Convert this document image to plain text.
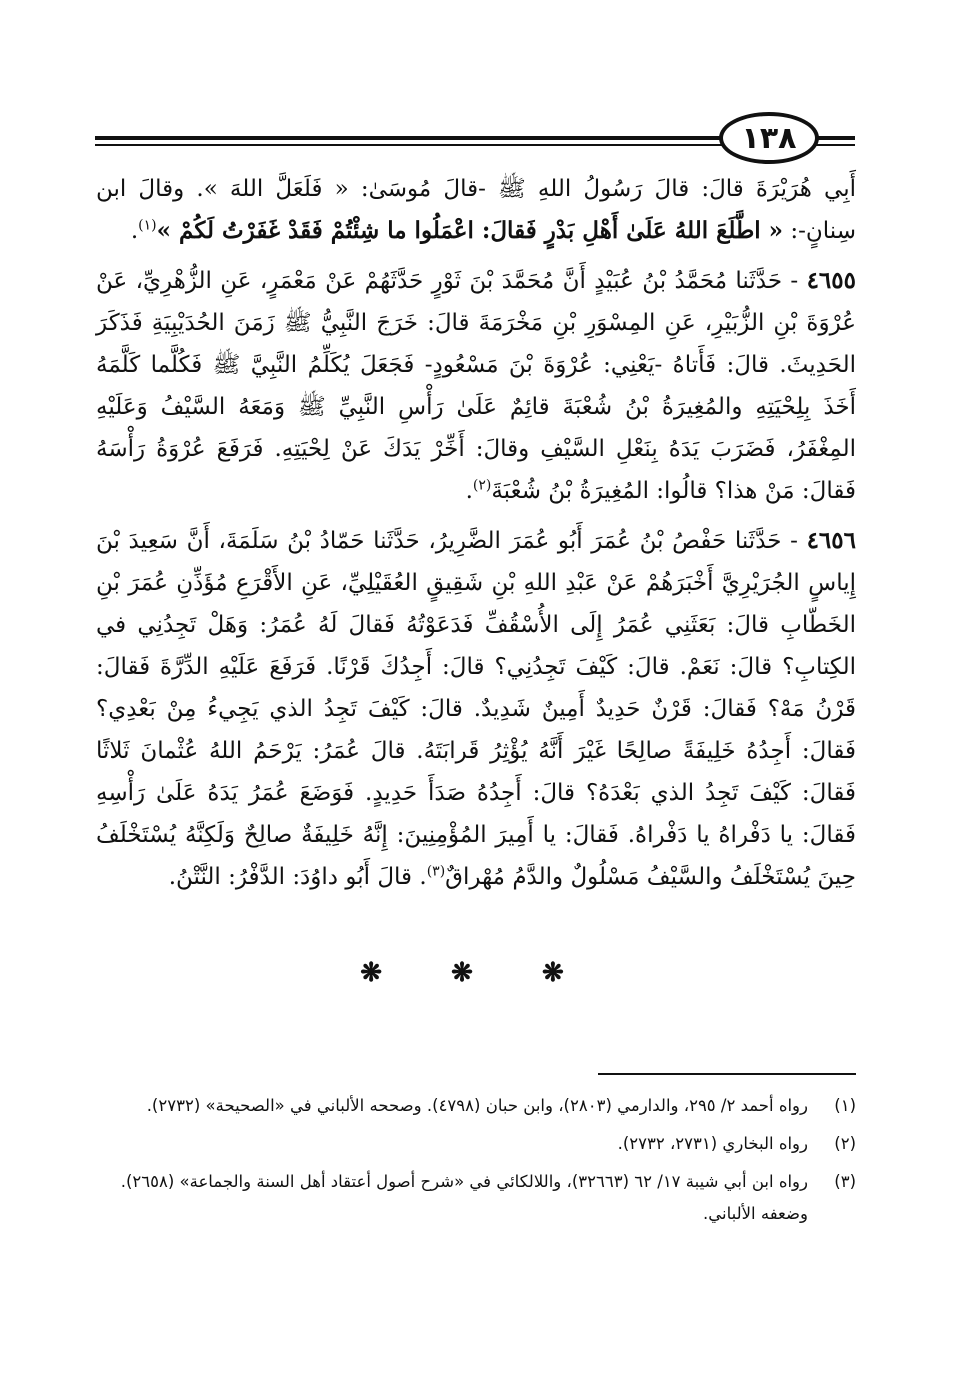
١٣٨

أَبِي هُرَيْرَةَ قالَ: قالَ رَسُولُ اللهِ ﷺ -قالَ مُوسَىٰ: « فَلَعَلَّ اللهَ ». وقالَ ابن سِنانٍ-: « اطَّلَعَ اللهُ عَلَىٰ أَهْلِ بَدْرٍ فَقالَ: اعْمَلُوا ما شِئْتُمْ فَقَدْ غَفَرْتُ لَكُمْ »$^{(١)}$.

٤٦٥٥ - حَدَّثَنا مُحَمَّدُ بْنُ عُبَيْدٍ أَنَّ مُحَمَّدَ بْنَ ثَوْرٍ حَدَّثَهُمْ عَنْ مَعْمَرٍ، عَنِ الزُّهْرِيِّ، عَنْ عُرْوَةَ بْنِ الزُّبَيْرِ، عَنِ المِسْوَرِ بْنِ مَخْرَمَةَ قالَ: خَرَجَ النَّبِيُّ ﷺ زَمَنَ الحُدَيْبِيَةِ فَذَكَرَ الحَدِيثَ. قالَ: فَأَتاهُ -يَعْنِي: عُرْوَةَ بْنَ مَسْعُودٍ- فَجَعَلَ يُكَلِّمُ النَّبِيَّ ﷺ فَكُلَّما كَلَّمَهُ أَخَذَ بِلِحْيَتِهِ والمُغِيرَةُ بْنُ شُعْبَةَ قائِمٌ عَلَىٰ رَأْسِ النَّبِيِّ ﷺ وَمَعَهُ السَّيْفُ وَعَلَيْهِ المِغْفَرُ، فَضَرَبَ يَدَهُ بِنَعْلِ السَّيْفِ وقالَ: أَخِّرْ يَدَكَ عَنْ لِحْيَتِهِ. فَرَفَعَ عُرْوَةُ رَأْسَهُ فَقالَ: مَنْ هذا؟ قالُوا: المُغِيرَةُ بْنُ شُعْبَةَ$^{(٢)}$.

٤٦٥٦ - حَدَّثَنا حَفْصُ بْنُ عُمَرَ أَبُو عُمَرَ الضَّرِيرُ، حَدَّثَنا حَمّادُ بْنُ سَلَمَةَ، أَنَّ سَعِيدَ بْنَ إِياسٍ الجُرَيْرِيَّ أَخْبَرَهُمْ عَنْ عَبْدِ اللهِ بْنِ شَقِيقٍ العُقَيْلِيِّ، عَنِ الأَقْرَعِ مُؤَذِّنِ عُمَرَ بْنِ الخَطّابِ قالَ: بَعَثَنِي عُمَرُ إِلَى الأُسْقُفِّ فَدَعَوْتُهُ فَقالَ لَهُ عُمَرُ: وَهَلْ تَجِدُنِي في الكِتابِ؟ قالَ: نَعَمْ. قالَ: كَيْفَ تَجِدُنِي؟ قالَ: أَجِدُكَ قَرْنًا. فَرَفَعَ عَلَيْهِ الدِّرَّةَ فَقالَ: قَرْنُ مَهْ؟ فَقالَ: قَرْنٌ حَدِيدٌ أَمِينٌ شَدِيدٌ. قالَ: كَيْفَ تَجِدُ الذي يَجِيءُ مِنْ بَعْدِي؟ فَقالَ: أَجِدُهُ خَلِيفَةً صالِحًا غَيْرَ أَنَّهُ يُؤْثِرُ قَرابَتَهُ. قالَ عُمَرُ: يَرْحَمُ اللهُ عُثْمانَ ثَلاثًا فَقالَ: كَيْفَ تَجِدُ الذي بَعْدَهُ؟ قالَ: أَجِدُهُ صَدَأَ حَدِيدٍ. فَوَضَعَ عُمَرُ يَدَهُ عَلَىٰ رَأْسِهِ فَقالَ: يا دَفْراهُ يا دَفْراهُ. فَقالَ: يا أَمِيرَ المُؤْمِنِينَ: إِنَّهُ خَلِيفَةٌ صالِحٌ وَلَكِنَّهُ يُسْتَخْلَفُ حِينَ يُسْتَخْلَفُ والسَّيْفُ مَسْلُولٌ والدَّمُ مُهْراقٌ$^{(٣)}$. قالَ أَبُو داوُدَ: الدَّفْرُ: النَّتْنُ.

❋ ❋ ❋
(١)
رواه أحمد ٢/ ٢٩٥، والدارمي (٢٨٠٣)، وابن حبان (٤٧٩٨). وصححه الألباني في «الصحيحة» (٢٧٣٢).
(٢)
رواه البخاري (٢٧٣١، ٢٧٣٢).
(٣)
رواه ابن أبي شيبة ١٧/ ٦٢ (٣٢٦٦٣)، واللالكائي في «شرح أصول أعتقاد أهل السنة والجماعة» (٢٦٥٨). وضعفه الألباني.
